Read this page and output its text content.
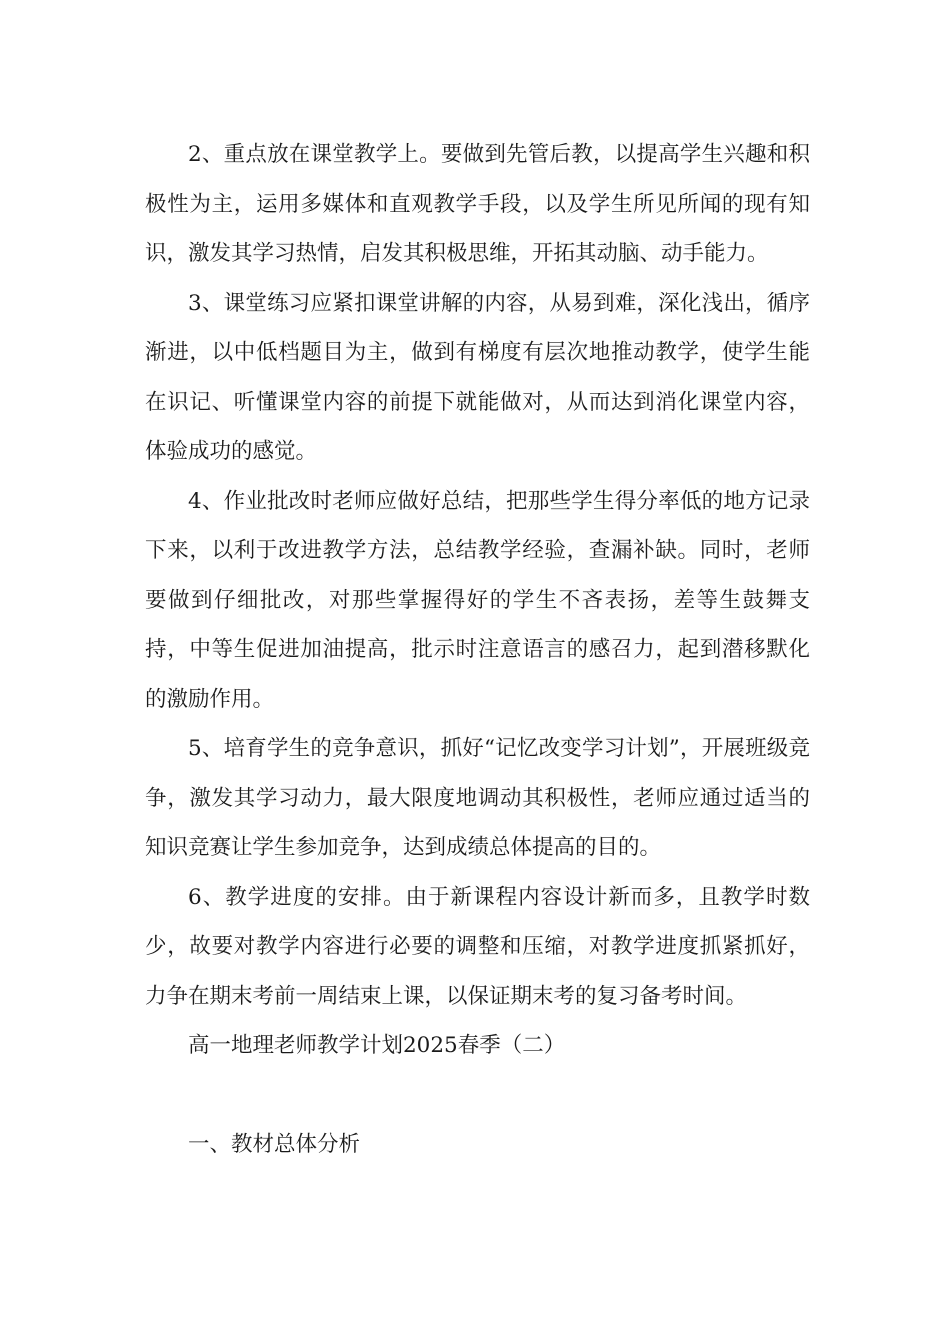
2、重点放在课堂教学上。要做到先管后教，以提高学生兴趣和积极性为主，运用多媒体和直观教学手段，以及学生所见所闻的现有知识，激发其学习热情，启发其积极思维，开拓其动脑、动手能力。

3、课堂练习应紧扣课堂讲解的内容，从易到难，深化浅出，循序渐进，以中低档题目为主，做到有梯度有层次地推动教学，使学生能在识记、听懂课堂内容的前提下就能做对，从而达到消化课堂内容，体验成功的感觉。

4、作业批改时老师应做好总结，把那些学生得分率低的地方记录下来，以利于改进教学方法，总结教学经验，查漏补缺。同时，老师要做到仔细批改，对那些掌握得好的学生不吝表扬，差等生鼓舞支持，中等生促进加油提高，批示时注意语言的感召力，起到潜移默化的激励作用。

5、培育学生的竞争意识，抓好“记忆改变学习计划”，开展班级竞争，激发其学习动力，最大限度地调动其积极性，老师应通过适当的知识竞赛让学生参加竞争，达到成绩总体提高的目的。

6、教学进度的安排。由于新课程内容设计新而多，且教学时数少，故要对教学内容进行必要的调整和压缩，对教学进度抓紧抓好，力争在期末考前一周结束上课，以保证期末考的复习备考时间。

高一地理老师教学计划2025春季（二）

一、教材总体分析
